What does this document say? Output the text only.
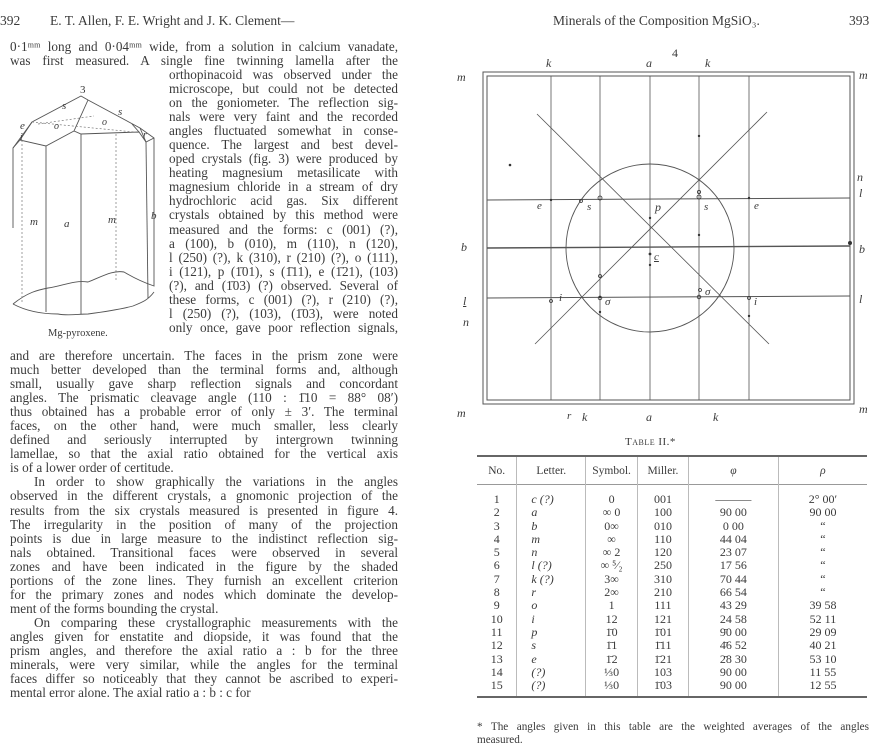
392 E. T. Allen, F. E. Wright and J. K. Clement—
0·1ᵐᵐ long and 0·04ᵐᵐ wide, from a solution in calcium vanadate,
was first measured. A single fine twinning lamella after the
s	s
e	o	o
i	r
m a	m	b
3
Mg-pyroxene.
orthopinacoid was observed under the
microscope, but could not be detected
on the goniometer. The reflection sig-
nals were very faint and the recorded
angles fluctuated somewhat in conse-
quence. The largest and best devel-
oped crystals (fig. 3) were produced by
heating magnesium metasilicate with
magnesium chloride in a stream of dry
hydrochloric acid gas. Six different
crystals obtained by this method were
measured and the forms: c (001) (?),
a (100), b (010), m (110), n (120),
l (250) (?), k (310), r (210) (?), o (111),
i (121), p (1̄01), s (1̄11), e (1̄21), (103)
(?), and (1̄03) (?) observed. Several of
these forms, c (001) (?), r (210) (?),
l (250) (?), (103), (1̄03), were noted
only once, gave poor reflection signals,
and are therefore uncertain. The faces in the prism zone were
much better developed than the terminal forms and, although
small, usually gave sharp reflection signals and concordant
angles. The prismatic cleavage angle (110 : 1̄10 = 88° 08′)
thus obtained has a probable error of only ± 3′. The terminal
faces, on the other hand, were much smaller, less clearly
defined and seriously interrupted by intergrown twinning
lamellae, so that the axial ratio obtained for the vertical axis
is of a lower order of certitude.
In order to show graphically the variations in the angles
observed in the different crystals, a gnomonic projection of the
results from the six crystals measured is presented in figure 4.
The irregularity in the position of many of the projection
points is due in large measure to the indistinct reflection sig-
nals obtained. Transitional faces were observed in several
zones and have been indicated in the figure by the shaded
portions of the zone lines. They furnish an excellent criterion
for the primary zones and nodes which dominate the develop-
ment of the forms bounding the crystal.
On comparing these crystallographic measurements with the
angles given for enstatite and diopside, it was found that the
prism angles, and therefore the axial ratio a : b for the three
minerals, were very similar, while the angles for the terminal
faces differ so noticeably that they cannot be ascribed to experi-
mental error alone. The axial ratio a : b : c for
Minerals of the Composition MgSiO₃.	393
4
k	a	k
r k	a	k
m
b
l
n
m
m
n
l
b
l
m
e	s	p	s	e
c
i	σ
σ
i
Table II.*
No.	Letter.	Symbol.	Miller.	φ	ρ
1	c (?)	0	001	———	2° 00′
2	a	∞ 0	100	90 00	90 00
3	b	0∞	010	0 00	“
4	m	∞	110	44 04	“
5	n	∞ 2	120	23 07	“
6	l (?)	∞ ⁵⁄₂	250	17 56	“
7	k (?)	3∞	310	70 44	“
8	r	2∞	210	66 54	“
9	o	1	111	43 29	39 58
10	i	12	121	24 58	52 11
11	p	1̄0	1̄01	9̄0 00	29 09
12	s	1̄1	1̄11	4̄6 52	40 21
13	e	1̄2	1̄21	2̄8 30	53 10
14	(?)	⅓0	103	90 00	11 55
15	(?)	⅓0	1̄03	90 00	12 55
* The angles given in this table are the weighted averages of the angles
measured.
